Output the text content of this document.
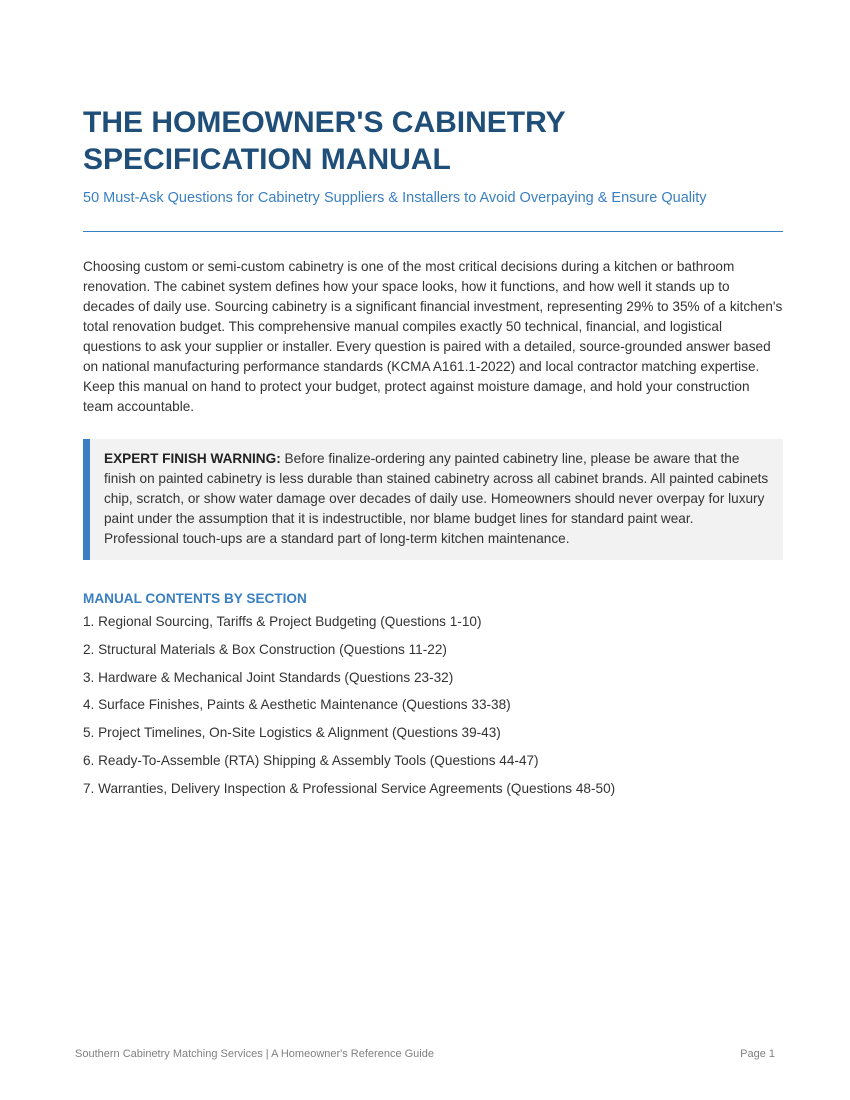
THE HOMEOWNER'S CABINETRY
SPECIFICATION MANUAL

50 Must-Ask Questions for Cabinetry Suppliers & Installers to Avoid Overpaying & Ensure Quality

Choosing custom or semi-custom cabinetry is one of the most critical decisions during a kitchen or bathroom renovation. The cabinet system defines how your space looks, how it functions, and how well it stands up to decades of daily use. Sourcing cabinetry is a significant financial investment, representing 29% to 35% of a kitchen's total renovation budget. This comprehensive manual compiles exactly 50 technical, financial, and logistical questions to ask your supplier or installer. Every question is paired with a detailed, source-grounded answer based on national manufacturing performance standards (KCMA A161.1-2022) and local contractor matching expertise. Keep this manual on hand to protect your budget, protect against moisture damage, and hold your construction team accountable.

EXPERT FINISH WARNING: Before finalize-ordering any painted cabinetry line, please be aware that the finish on painted cabinetry is less durable than stained cabinetry across all cabinet brands. All painted cabinets chip, scratch, or show water damage over decades of daily use. Homeowners should never overpay for luxury paint under the assumption that it is indestructible, nor blame budget lines for standard paint wear. Professional touch-ups are a standard part of long-term kitchen maintenance.
MANUAL CONTENTS BY SECTION
1. Regional Sourcing, Tariffs & Project Budgeting (Questions 1-10)
2. Structural Materials & Box Construction (Questions 11-22)
3. Hardware & Mechanical Joint Standards (Questions 23-32)
4. Surface Finishes, Paints & Aesthetic Maintenance (Questions 33-38)
5. Project Timelines, On-Site Logistics & Alignment (Questions 39-43)
6. Ready-To-Assemble (RTA) Shipping & Assembly Tools (Questions 44-47)
7. Warranties, Delivery Inspection & Professional Service Agreements (Questions 48-50)
Southern Cabinetry Matching Services | A Homeowner's Reference Guide	Page 1
